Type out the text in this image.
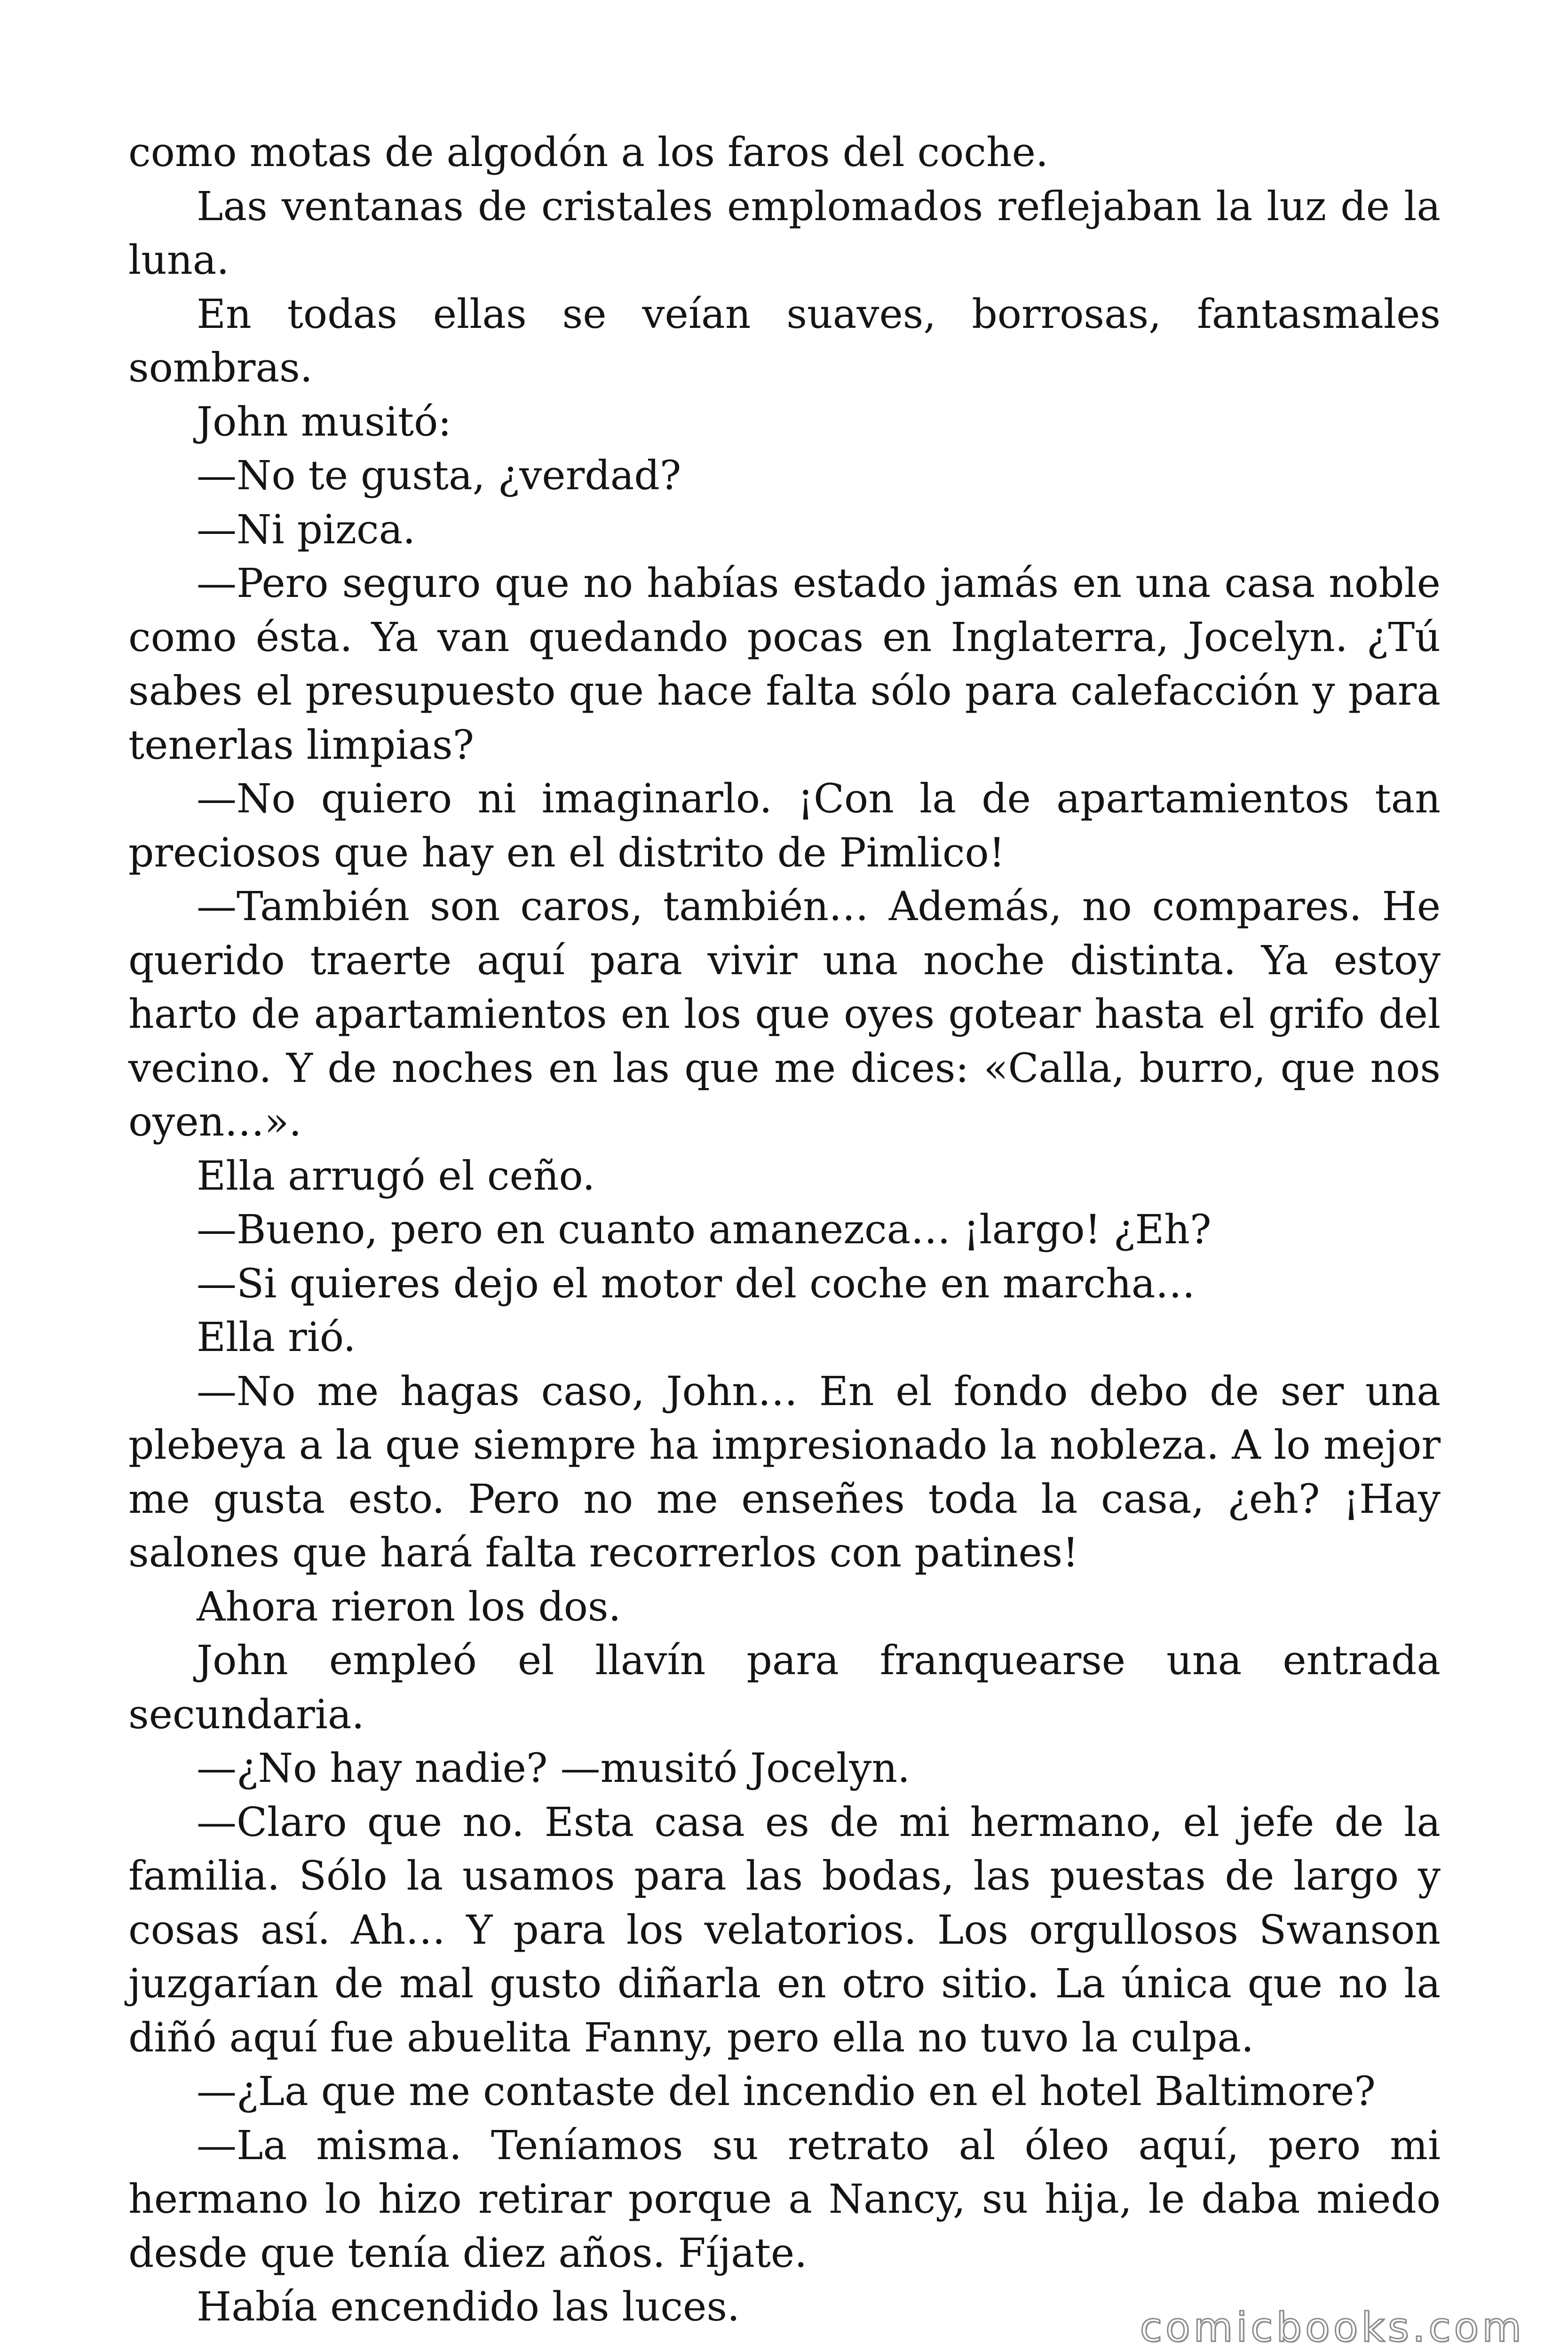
como motas de algodón a los faros del coche.

Las ventanas de cristales emplomados reflejaban la luz de la luna.

En todas ellas se veían suaves, borrosas, fantasmales sombras.

John musitó:

—No te gusta, ¿verdad?

—Ni pizca.

—Pero seguro que no habías estado jamás en una casa noble como ésta. Ya van quedando pocas en Inglaterra, Jocelyn. ¿Tú sabes el presupuesto que hace falta sólo para calefacción y para tenerlas limpias?

—No quiero ni imaginarlo. ¡Con la de apartamientos tan preciosos que hay en el distrito de Pimlico!

—También son caros, también… Además, no compares. He querido traerte aquí para vivir una noche distinta. Ya estoy harto de apartamientos en los que oyes gotear hasta el grifo del vecino. Y de noches en las que me dices: «Calla, burro, que nos oyen…».

Ella arrugó el ceño.

—Bueno, pero en cuanto amanezca… ¡largo! ¿Eh?

—Si quieres dejo el motor del coche en marcha…

Ella rió.

—No me hagas caso, John… En el fondo debo de ser una plebeya a la que siempre ha impresionado la nobleza. A lo mejor me gusta esto. Pero no me enseñes toda la casa, ¿eh? ¡Hay salones que hará falta recorrerlos con patines!

Ahora rieron los dos.

John empleó el llavín para franquearse una entrada secundaria.

—¿No hay nadie? —musitó Jocelyn.

—Claro que no. Esta casa es de mi hermano, el jefe de la familia. Sólo la usamos para las bodas, las puestas de largo y cosas así. Ah… Y para los velatorios. Los orgullosos Swanson juzgarían de mal gusto diñarla en otro sitio. La única que no la diñó aquí fue abuelita Fanny, pero ella no tuvo la culpa.

—¿La que me contaste del incendio en el hotel Baltimore?

—La misma. Teníamos su retrato al óleo aquí, pero mi hermano lo hizo retirar porque a Nancy, su hija, le daba miedo desde que tenía diez años. Fíjate.

Había encendido las luces.	comicbooks.com
